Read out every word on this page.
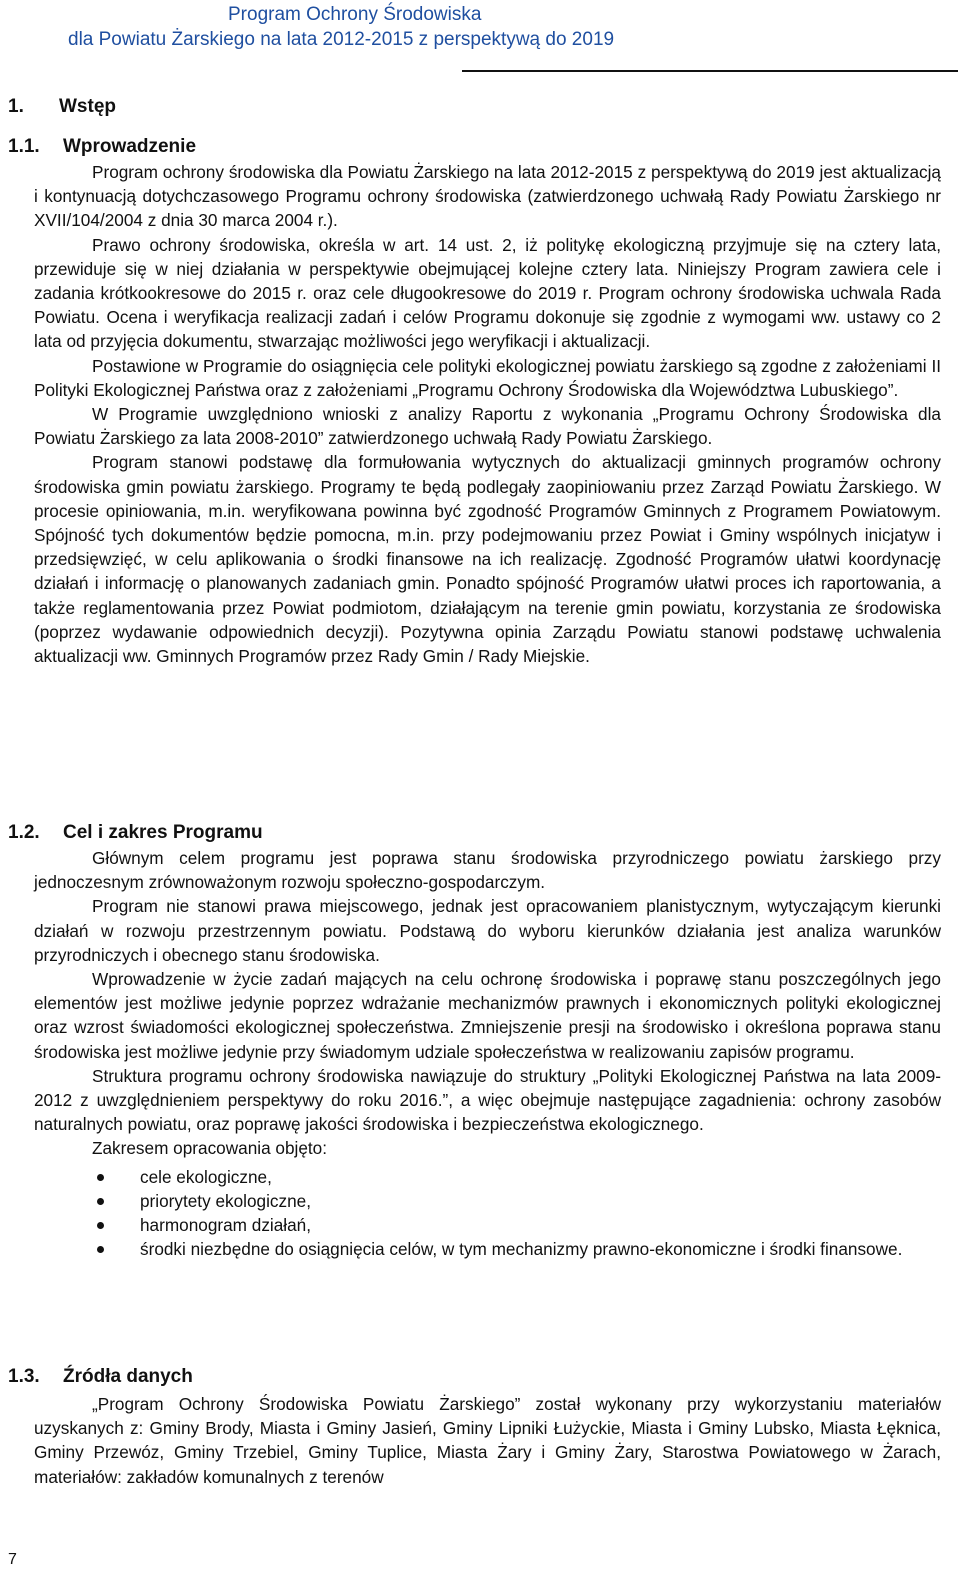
Program Ochrony Środowiska
dla Powiatu Żarskiego na lata 2012-2015 z perspektywą do 2019
1. Wstęp
1.1. Wprowadzenie

Program ochrony środowiska dla Powiatu Żarskiego na lata 2012-2015 z perspektywą do 2019 jest aktualizacją i kontynuacją dotychczasowego Programu ochrony środowiska (zatwierdzonego uchwałą Rady Powiatu Żarskiego nr XVII/104/2004 z dnia 30 marca 2004 r.).

Prawo ochrony środowiska, określa w art. 14 ust. 2, iż politykę ekologiczną przyjmuje się na cztery lata, przewiduje się w niej działania w perspektywie obejmującej kolejne cztery lata. Niniejszy Program zawiera cele i zadania krótkookresowe do 2015 r. oraz cele długookresowe do 2019 r. Program ochrony środowiska uchwala Rada Powiatu. Ocena i weryfikacja realizacji zadań i celów Programu dokonuje się zgodnie z wymogami ww. ustawy co 2 lata od przyjęcia dokumentu, stwarzając możliwości jego weryfikacji i aktualizacji.

Postawione w Programie do osiągnięcia cele polityki ekologicznej powiatu żarskiego są zgodne z założeniami II Polityki Ekologicznej Państwa oraz z założeniami „Programu Ochrony Środowiska dla Województwa Lubuskiego”.

W Programie uwzględniono wnioski z analizy Raportu z wykonania „Programu Ochrony Środowiska dla Powiatu Żarskiego za lata 2008-2010” zatwierdzonego uchwałą Rady Powiatu Żarskiego.

Program stanowi podstawę dla formułowania wytycznych do aktualizacji gminnych programów ochrony środowiska gmin powiatu żarskiego. Programy te będą podlegały zaopiniowaniu przez Zarząd Powiatu Żarskiego. W procesie opiniowania, m.in. weryfikowana powinna być zgodność Programów Gminnych z Programem Powiatowym. Spójność tych dokumentów będzie pomocna, m.in. przy podejmowaniu przez Powiat i Gminy wspólnych inicjatyw i przedsięwzięć, w celu aplikowania o środki finansowe na ich realizację. Zgodność Programów ułatwi koordynację działań i informację o planowanych zadaniach gmin. Ponadto spójność Programów ułatwi proces ich raportowania, a także reglamentowania przez Powiat podmiotom, działającym na terenie gmin powiatu, korzystania ze środowiska (poprzez wydawanie odpowiednich decyzji). Pozytywna opinia Zarządu Powiatu stanowi podstawę uchwalenia aktualizacji ww. Gminnych Programów przez Rady Gmin / Rady Miejskie.

1.2. Cel i zakres Programu

Głównym celem programu jest poprawa stanu środowiska przyrodniczego powiatu żarskiego przy jednoczesnym zrównoważonym rozwoju społeczno-gospodarczym.

Program nie stanowi prawa miejscowego, jednak jest opracowaniem planistycznym, wytyczającym kierunki działań w rozwoju przestrzennym powiatu. Podstawą do wyboru kierunków działania jest analiza warunków przyrodniczych i obecnego stanu środowiska.

Wprowadzenie w życie zadań mających na celu ochronę środowiska i poprawę stanu poszczególnych jego elementów jest możliwe jedynie poprzez wdrażanie mechanizmów prawnych i ekonomicznych polityki ekologicznej oraz wzrost świadomości ekologicznej społeczeństwa. Zmniejszenie presji na środowisko i określona poprawa stanu środowiska jest możliwe jedynie przy świadomym udziale społeczeństwa w realizowaniu zapisów programu.

Struktura programu ochrony środowiska nawiązuje do struktury „Polityki Ekologicznej Państwa na lata 2009-2012 z uwzględnieniem perspektywy do roku 2016.”, a więc obejmuje następujące zagadnienia: ochrony zasobów naturalnych powiatu, oraz poprawę jakości środowiska i bezpieczeństwa ekologicznego.

Zakresem opracowania objęto:

cele ekologiczne,
priorytety ekologiczne,
harmonogram działań,
środki niezbędne do osiągnięcia celów, w tym mechanizmy prawno-ekonomiczne i środki finansowe.
1.3. Źródła danych

„Program Ochrony Środowiska Powiatu Żarskiego” został wykonany przy wykorzystaniu materiałów uzyskanych z: Gminy Brody, Miasta i Gminy Jasień, Gminy Lipniki Łużyckie, Miasta i Gminy Lubsko, Miasta Łęknica, Gminy Przewóz, Gminy Trzebiel, Gminy Tuplice, Miasta Żary i Gminy Żary, Starostwa Powiatowego w Żarach, materiałów: zakładów komunalnych z terenów

7
